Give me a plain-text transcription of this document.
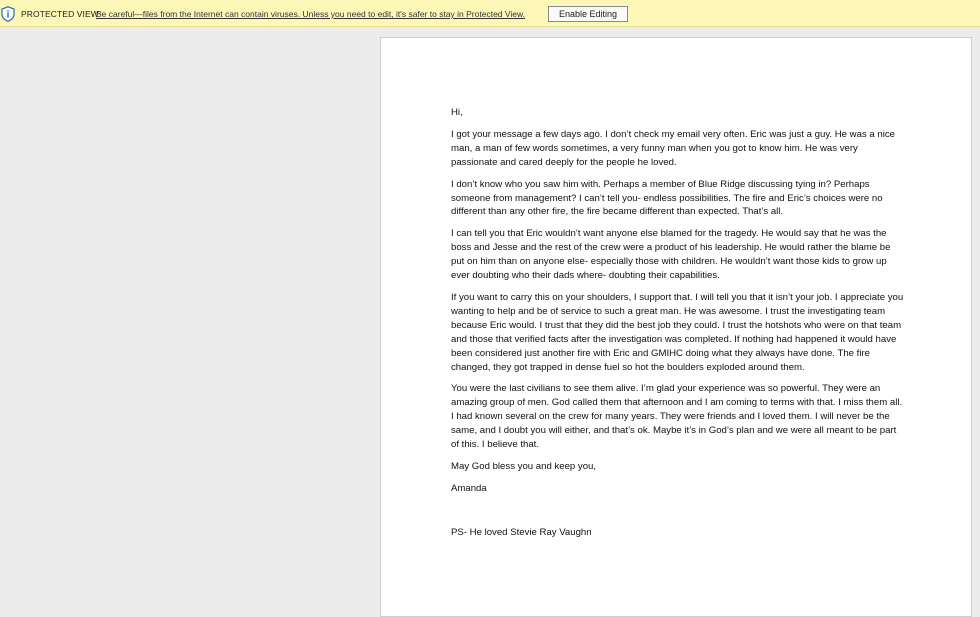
PROTECTED VIEW
Be careful—files from the Internet can contain viruses. Unless you need to edit, it's safer to stay in Protected View.	Enable Editing

Hi,

I got your message a few days ago. I don’t check my email very often. Eric was just a guy. He was a nice man, a man of few words sometimes, a very funny man when you got to know him. He was very passionate and cared deeply for the people he loved.

I don’t know who you saw him with. Perhaps a member of Blue Ridge discussing tying in? Perhaps someone from management? I can’t tell you- endless possibilities. The fire and Eric’s choices were no different than any other fire, the fire became different than expected. That’s all.

I can tell you that Eric wouldn’t want anyone else blamed for the tragedy. He would say that he was the boss and Jesse and the rest of the crew were a product of his leadership. He would rather the blame be put on him than on anyone else- especially those with children. He wouldn’t want those kids to grow up ever doubting who their dads where- doubting their capabilities.

If you want to carry this on your shoulders, I support that. I will tell you that it isn’t your job. I appreciate you wanting to help and be of service to such a great man. He was awesome. I trust the investigating team because Eric would. I trust that they did the best job they could. I trust the hotshots who were on that team and those that verified facts after the investigation was completed. If nothing had happened it would have been considered just another fire with Eric and GMIHC doing what they always have done. The fire changed, they got trapped in dense fuel so hot the boulders exploded around them.

You were the last civilians to see them alive. I’m glad your experience was so powerful. They were an amazing group of men. God called them that afternoon and I am coming to terms with that. I miss them all. I had known several on the crew for many years. They were friends and I loved them. I will never be the same, and I doubt you will either, and that’s ok. Maybe it’s in God’s plan and we were all meant to be part of this. I believe that.

May God bless you and keep you,

Amanda

PS- He loved Stevie Ray Vaughn
